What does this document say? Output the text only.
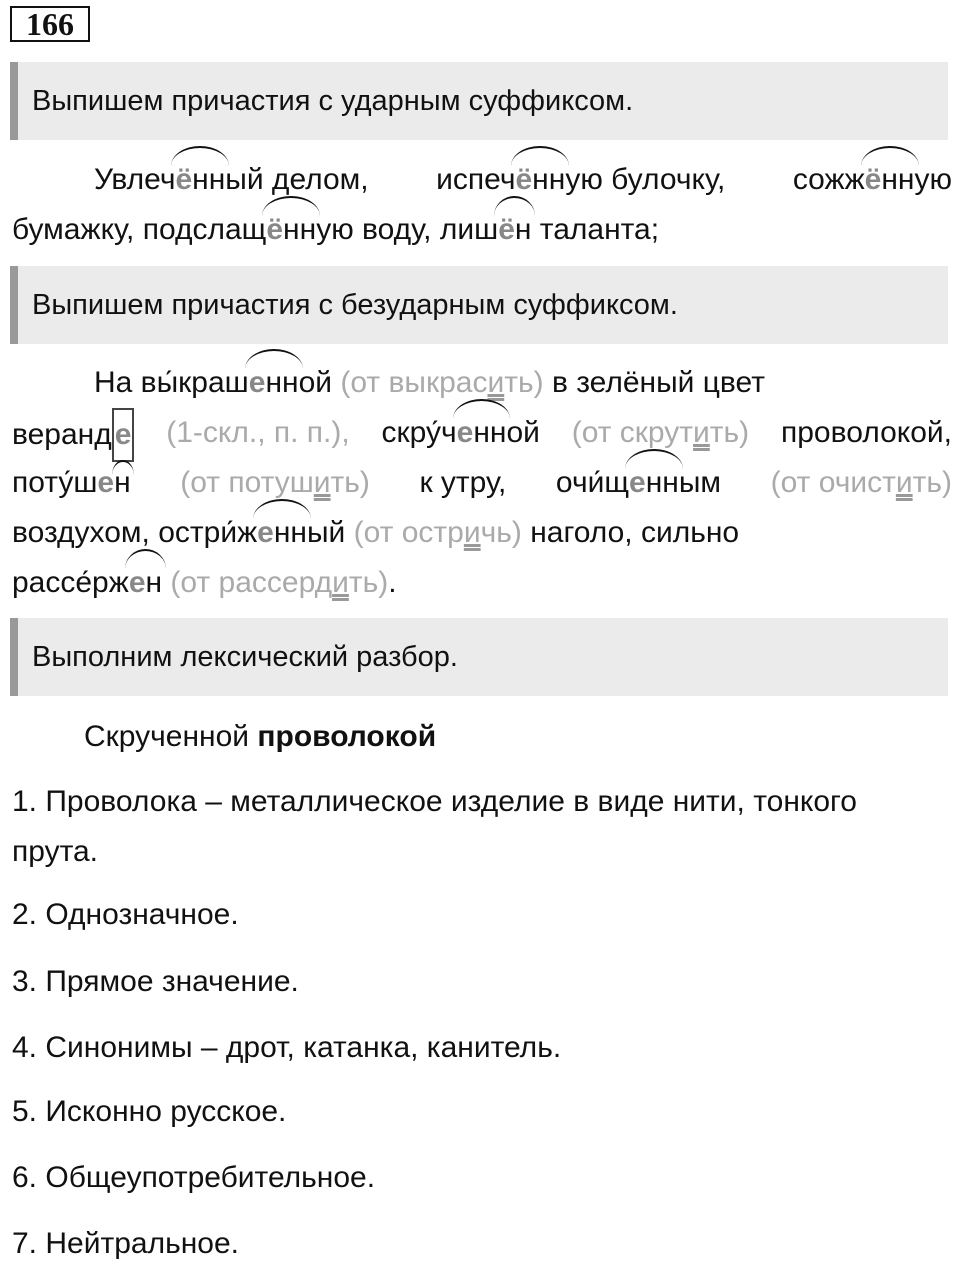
166
Выпишем причастия с ударным суффиксом.
Увлечённый делом, испечённую булочку, сожжённую
бумажку, подслащённую воду, лишён таланта;
Выпишем причастия с безударным суффиксом.
На вы́крашенной (от выкрасить) в зелёный цвет
веранд е (1-скл., п. п.), скру́ченной (от скрутить) проволокой,
поту́шен (от потушить) к утру, очи́щенным (от очистить)
воздухом, остри́женный (от остричь) наголо, сильно
рассе́ржен (от рассердить).
Выполним лексический разбор.
Скрученной проволокой
1. Проволока – металлическое изделие в виде нити, тонкого
прута.
2. Однозначное.
3. Прямое значение.
4. Синонимы – дрот, катанка, канитель.
5. Исконно русское.
6. Общеупотребительное.
7. Нейтральное.
